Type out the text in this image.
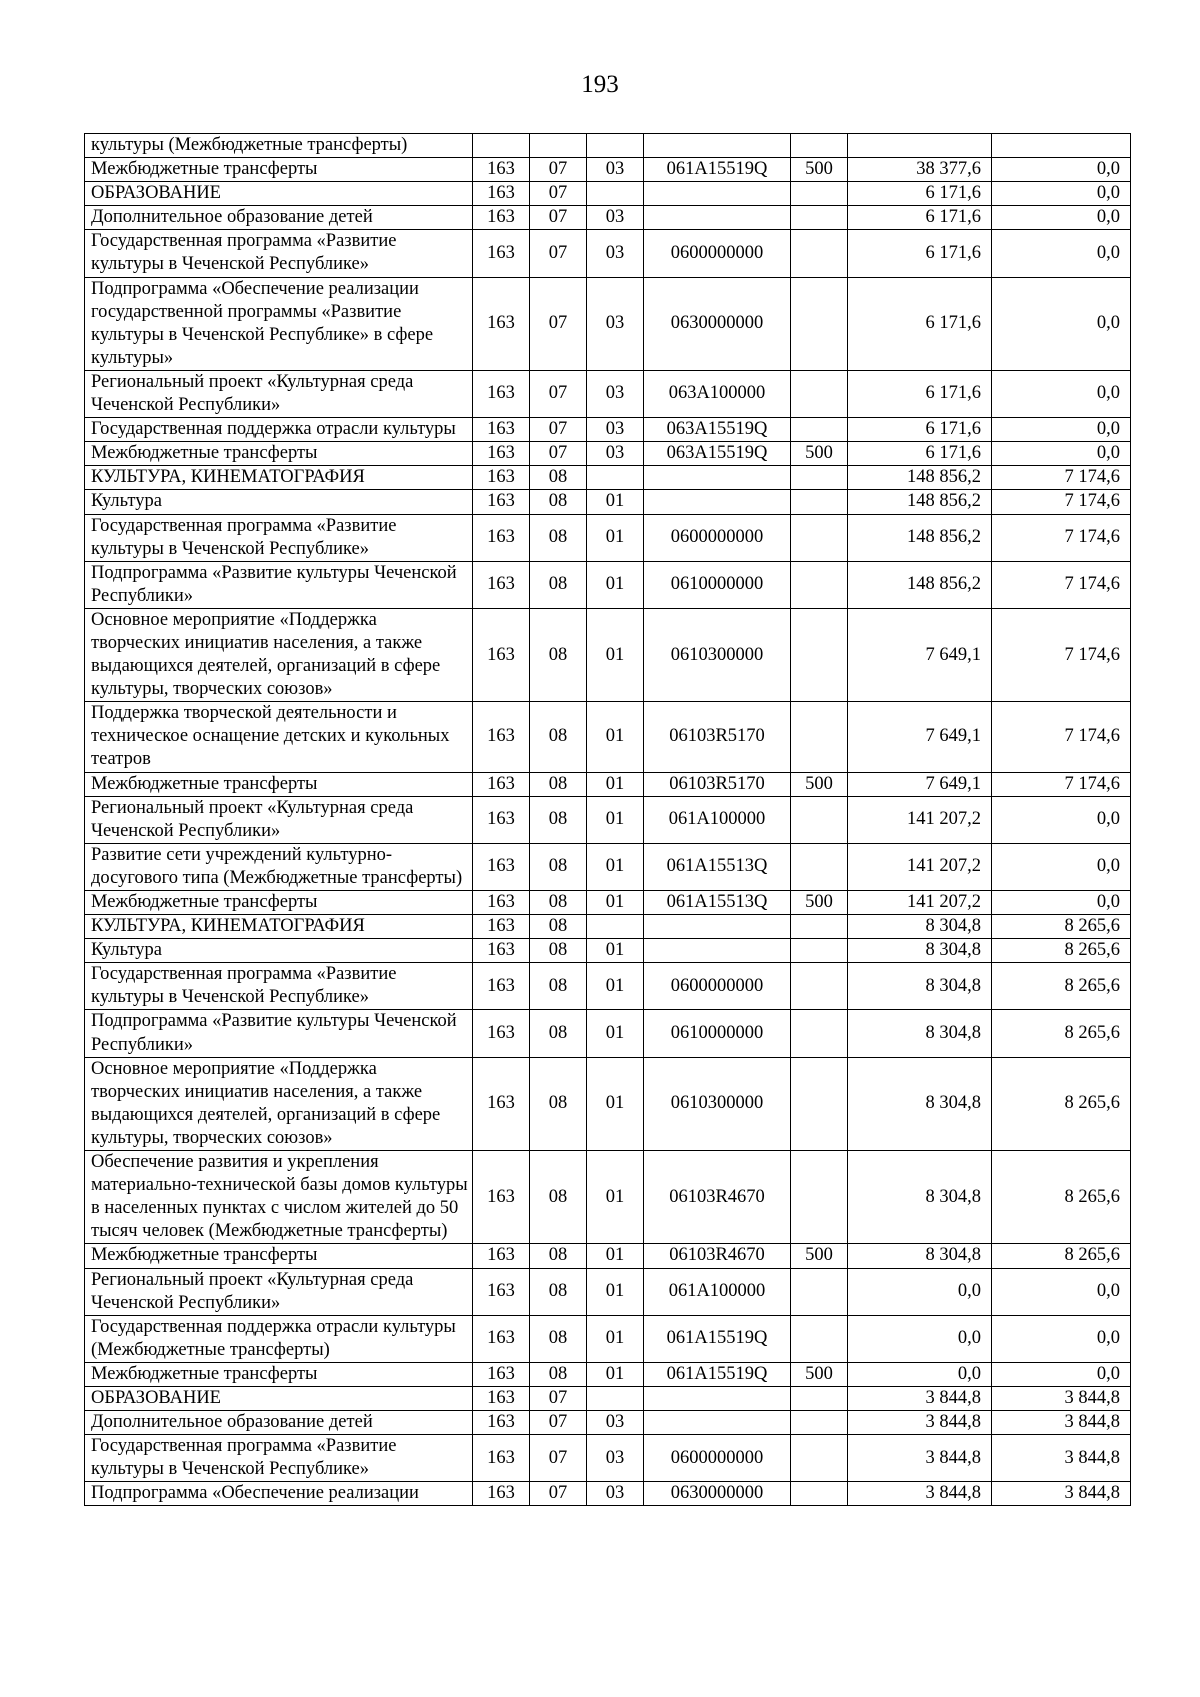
193
культуры (Межбюджетные трансферты)							
Межбюджетные трансферты	163	07	03	061A15519Q	500	38 377,6	0,0
ОБРАЗОВАНИЕ	163	07				6 171,6	0,0
Дополнительное образование детей	163	07	03			6 171,6	0,0
Государственная программа «Развитие культуры в Чеченской Республике»	163	07	03	0600000000		6 171,6	0,0
Подпрограмма «Обеспечение реализации государственной программы «Развитие культуры в Чеченской Республике» в сфере культуры»	163	07	03	0630000000		6 171,6	0,0
Региональный проект «Культурная среда Чеченской Республики»	163	07	03	063A100000		6 171,6	0,0
Государственная поддержка отрасли культуры	163	07	03	063A15519Q		6 171,6	0,0
Межбюджетные трансферты	163	07	03	063A15519Q	500	6 171,6	0,0
КУЛЬТУРА, КИНЕМАТОГРАФИЯ	163	08				148 856,2	7 174,6
Культура	163	08	01			148 856,2	7 174,6
Государственная программа «Развитие культуры в Чеченской Республике»	163	08	01	0600000000		148 856,2	7 174,6
Подпрограмма «Развитие культуры Чеченской Республики»	163	08	01	0610000000		148 856,2	7 174,6
Основное мероприятие «Поддержка творческих инициатив населения, а также выдающихся деятелей, организаций в сфере культуры, творческих союзов»	163	08	01	0610300000		7 649,1	7 174,6
Поддержка творческой деятельности и техническое оснащение детских и кукольных театров	163	08	01	06103R5170		7 649,1	7 174,6
Межбюджетные трансферты	163	08	01	06103R5170	500	7 649,1	7 174,6
Региональный проект «Культурная среда Чеченской Республики»	163	08	01	061A100000		141 207,2	0,0
Развитие сети учреждений культурно-досугового типа (Межбюджетные трансферты)	163	08	01	061A15513Q		141 207,2	0,0
Межбюджетные трансферты	163	08	01	061A15513Q	500	141 207,2	0,0
КУЛЬТУРА, КИНЕМАТОГРАФИЯ	163	08				8 304,8	8 265,6
Культура	163	08	01			8 304,8	8 265,6
Государственная программа «Развитие культуры в Чеченской Республике»	163	08	01	0600000000		8 304,8	8 265,6
Подпрограмма «Развитие культуры Чеченской Республики»	163	08	01	0610000000		8 304,8	8 265,6
Основное мероприятие «Поддержка творческих инициатив населения, а также выдающихся деятелей, организаций в сфере культуры, творческих союзов»	163	08	01	0610300000		8 304,8	8 265,6
Обеспечение развития и укрепления материально-технической базы домов культуры в населенных пунктах с числом жителей до 50 тысяч человек (Межбюджетные трансферты)	163	08	01	06103R4670		8 304,8	8 265,6
Межбюджетные трансферты	163	08	01	06103R4670	500	8 304,8	8 265,6
Региональный проект «Культурная среда Чеченской Республики»	163	08	01	061A100000		0,0	0,0
Государственная поддержка отрасли культуры (Межбюджетные трансферты)	163	08	01	061A15519Q		0,0	0,0
Межбюджетные трансферты	163	08	01	061A15519Q	500	0,0	0,0
ОБРАЗОВАНИЕ	163	07				3 844,8	3 844,8
Дополнительное образование детей	163	07	03			3 844,8	3 844,8
Государственная программа «Развитие культуры в Чеченской Республике»	163	07	03	0600000000		3 844,8	3 844,8
Подпрограмма «Обеспечение реализации	163	07	03	0630000000		3 844,8	3 844,8
